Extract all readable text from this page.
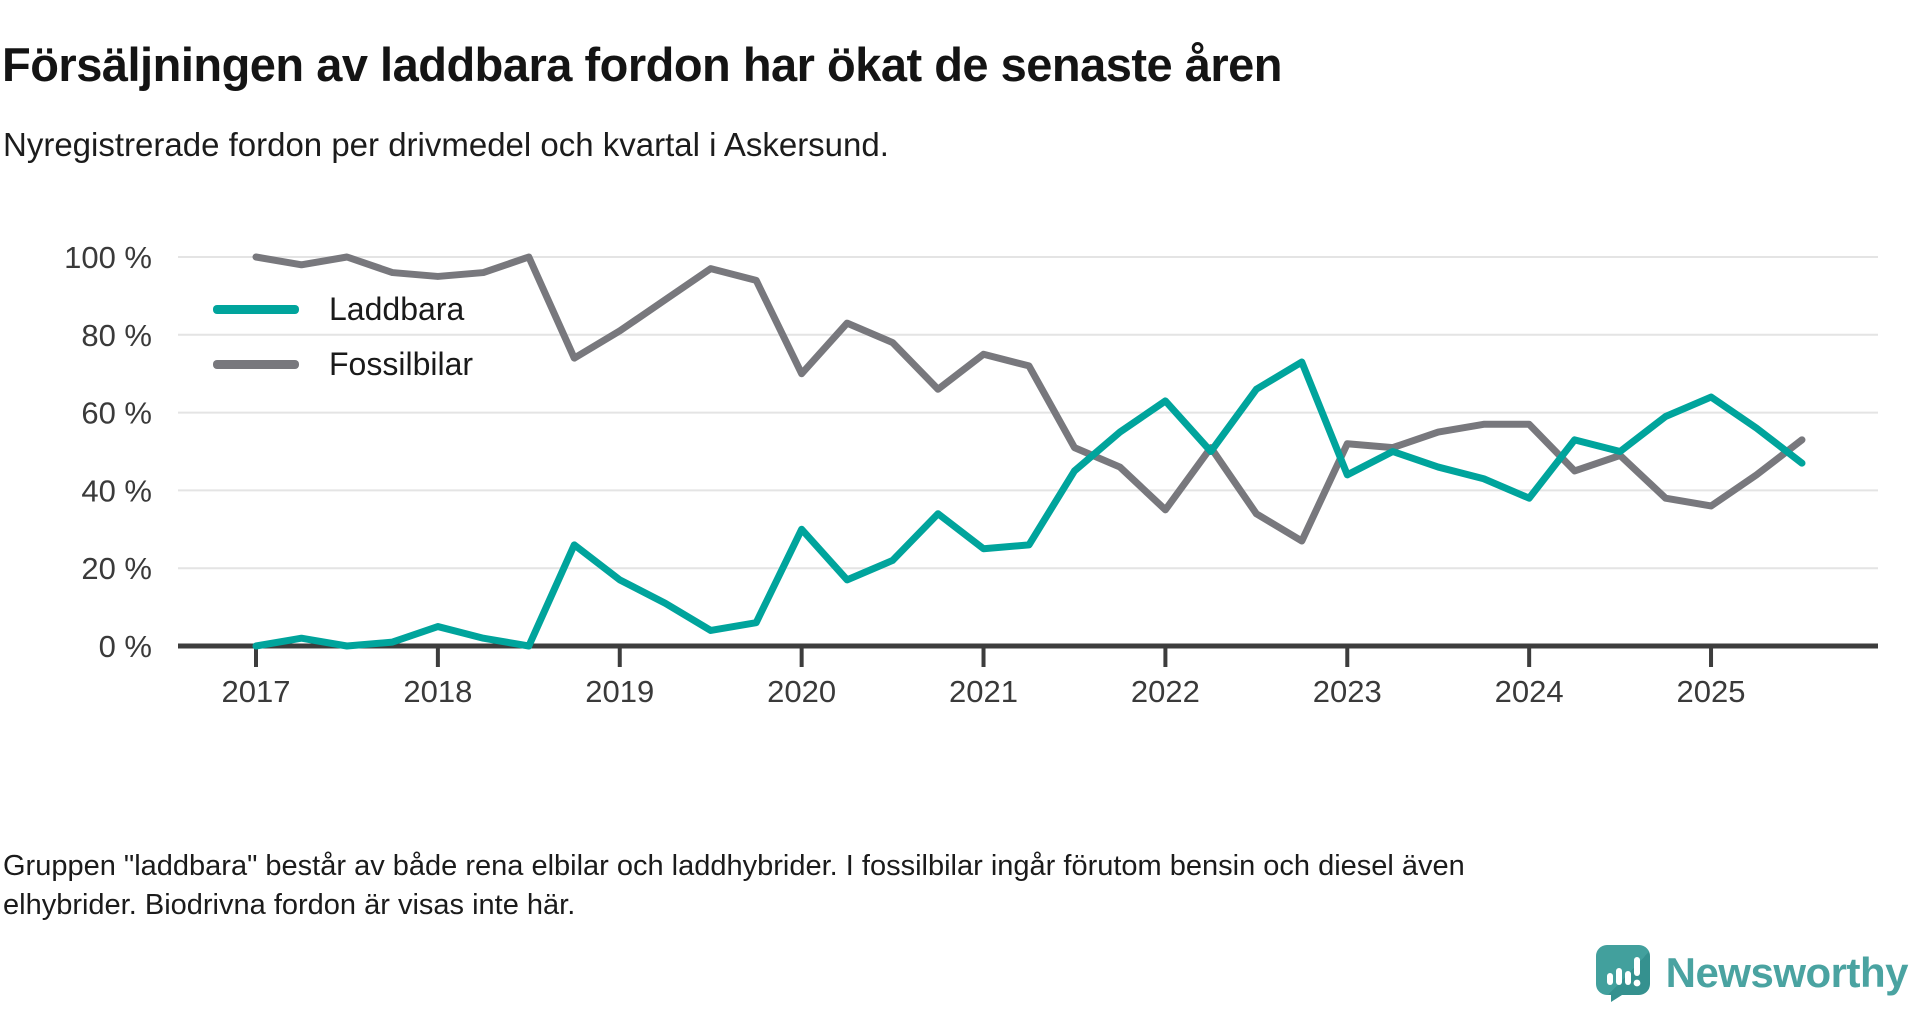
0 %
20 %
40 %
60 %
80 %
100 %
2017	2018	2019	2020	2021	2022	2023	2024	2025
Försäljningen av laddbara fordon har ökat de senaste åren
Nyregistrerade fordon per drivmedel och kvartal i Askersund.
Laddbara
Fossilbilar

Gruppen "laddbara" består av både rena elbilar och laddhybrider. I fossilbilar ingår förutom bensin och diesel även elhybrider. Biodrivna fordon är visas inte här.

Newsworthy
